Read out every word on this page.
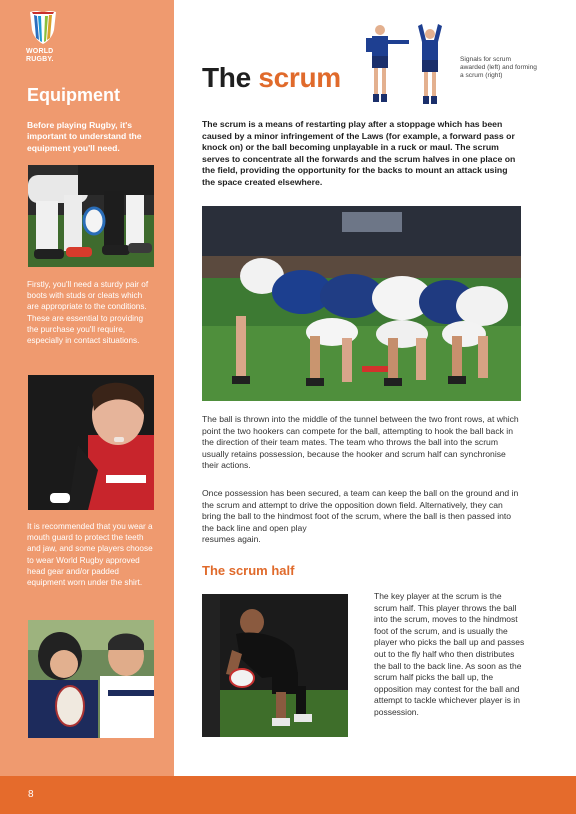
WORLD
RUGBY.
Equipment
Before playing Rugby, it's important to understand the equipment you'll need.
Firstly, you'll need a sturdy pair of boots with studs or cleats which are appropriate to the conditions. These are essential to providing the purchase you'll require, especially in contact situations.
It is recommended that you wear a mouth guard to protect the teeth and jaw, and some players choose to wear World Rugby approved head gear and/or padded equipment worn under the shirt.
The scrum
Signals for scrum awarded (left) and forming a scrum (right)
The scrum is a means of restarting play after a stoppage which has been caused by a minor infringement of the Laws (for example, a forward pass or knock on) or the ball becoming unplayable in a ruck or maul. The scrum serves to concentrate all the forwards and the scrum halves in one place on the field, providing the opportunity for the backs to mount an attack using the space created elsewhere.
The ball is thrown into the middle of the tunnel between the two front rows, at which point the two hookers can compete for the ball, attempting to hook the ball back in the direction of their team mates. The team who throws the ball into the scrum usually retains possession, because the hooker and scrum half can synchronise their actions.
Once possession has been secured, a team can keep the ball on the ground and in the scrum and attempt to drive the opposition down field. Alternatively, they can bring the ball to the hindmost foot of the scrum, where the ball is then passed into the back line and open play
resumes again.
The scrum half
The key player at the scrum is the scrum half. This player throws the ball into the scrum, moves to the hindmost foot of the scrum, and is usually the player who picks the ball up and passes out to the fly half who then distributes the ball to the back line. As soon as the scrum half picks the ball up, the opposition may contest for the ball and attempt to tackle whichever player is in possession.
8
